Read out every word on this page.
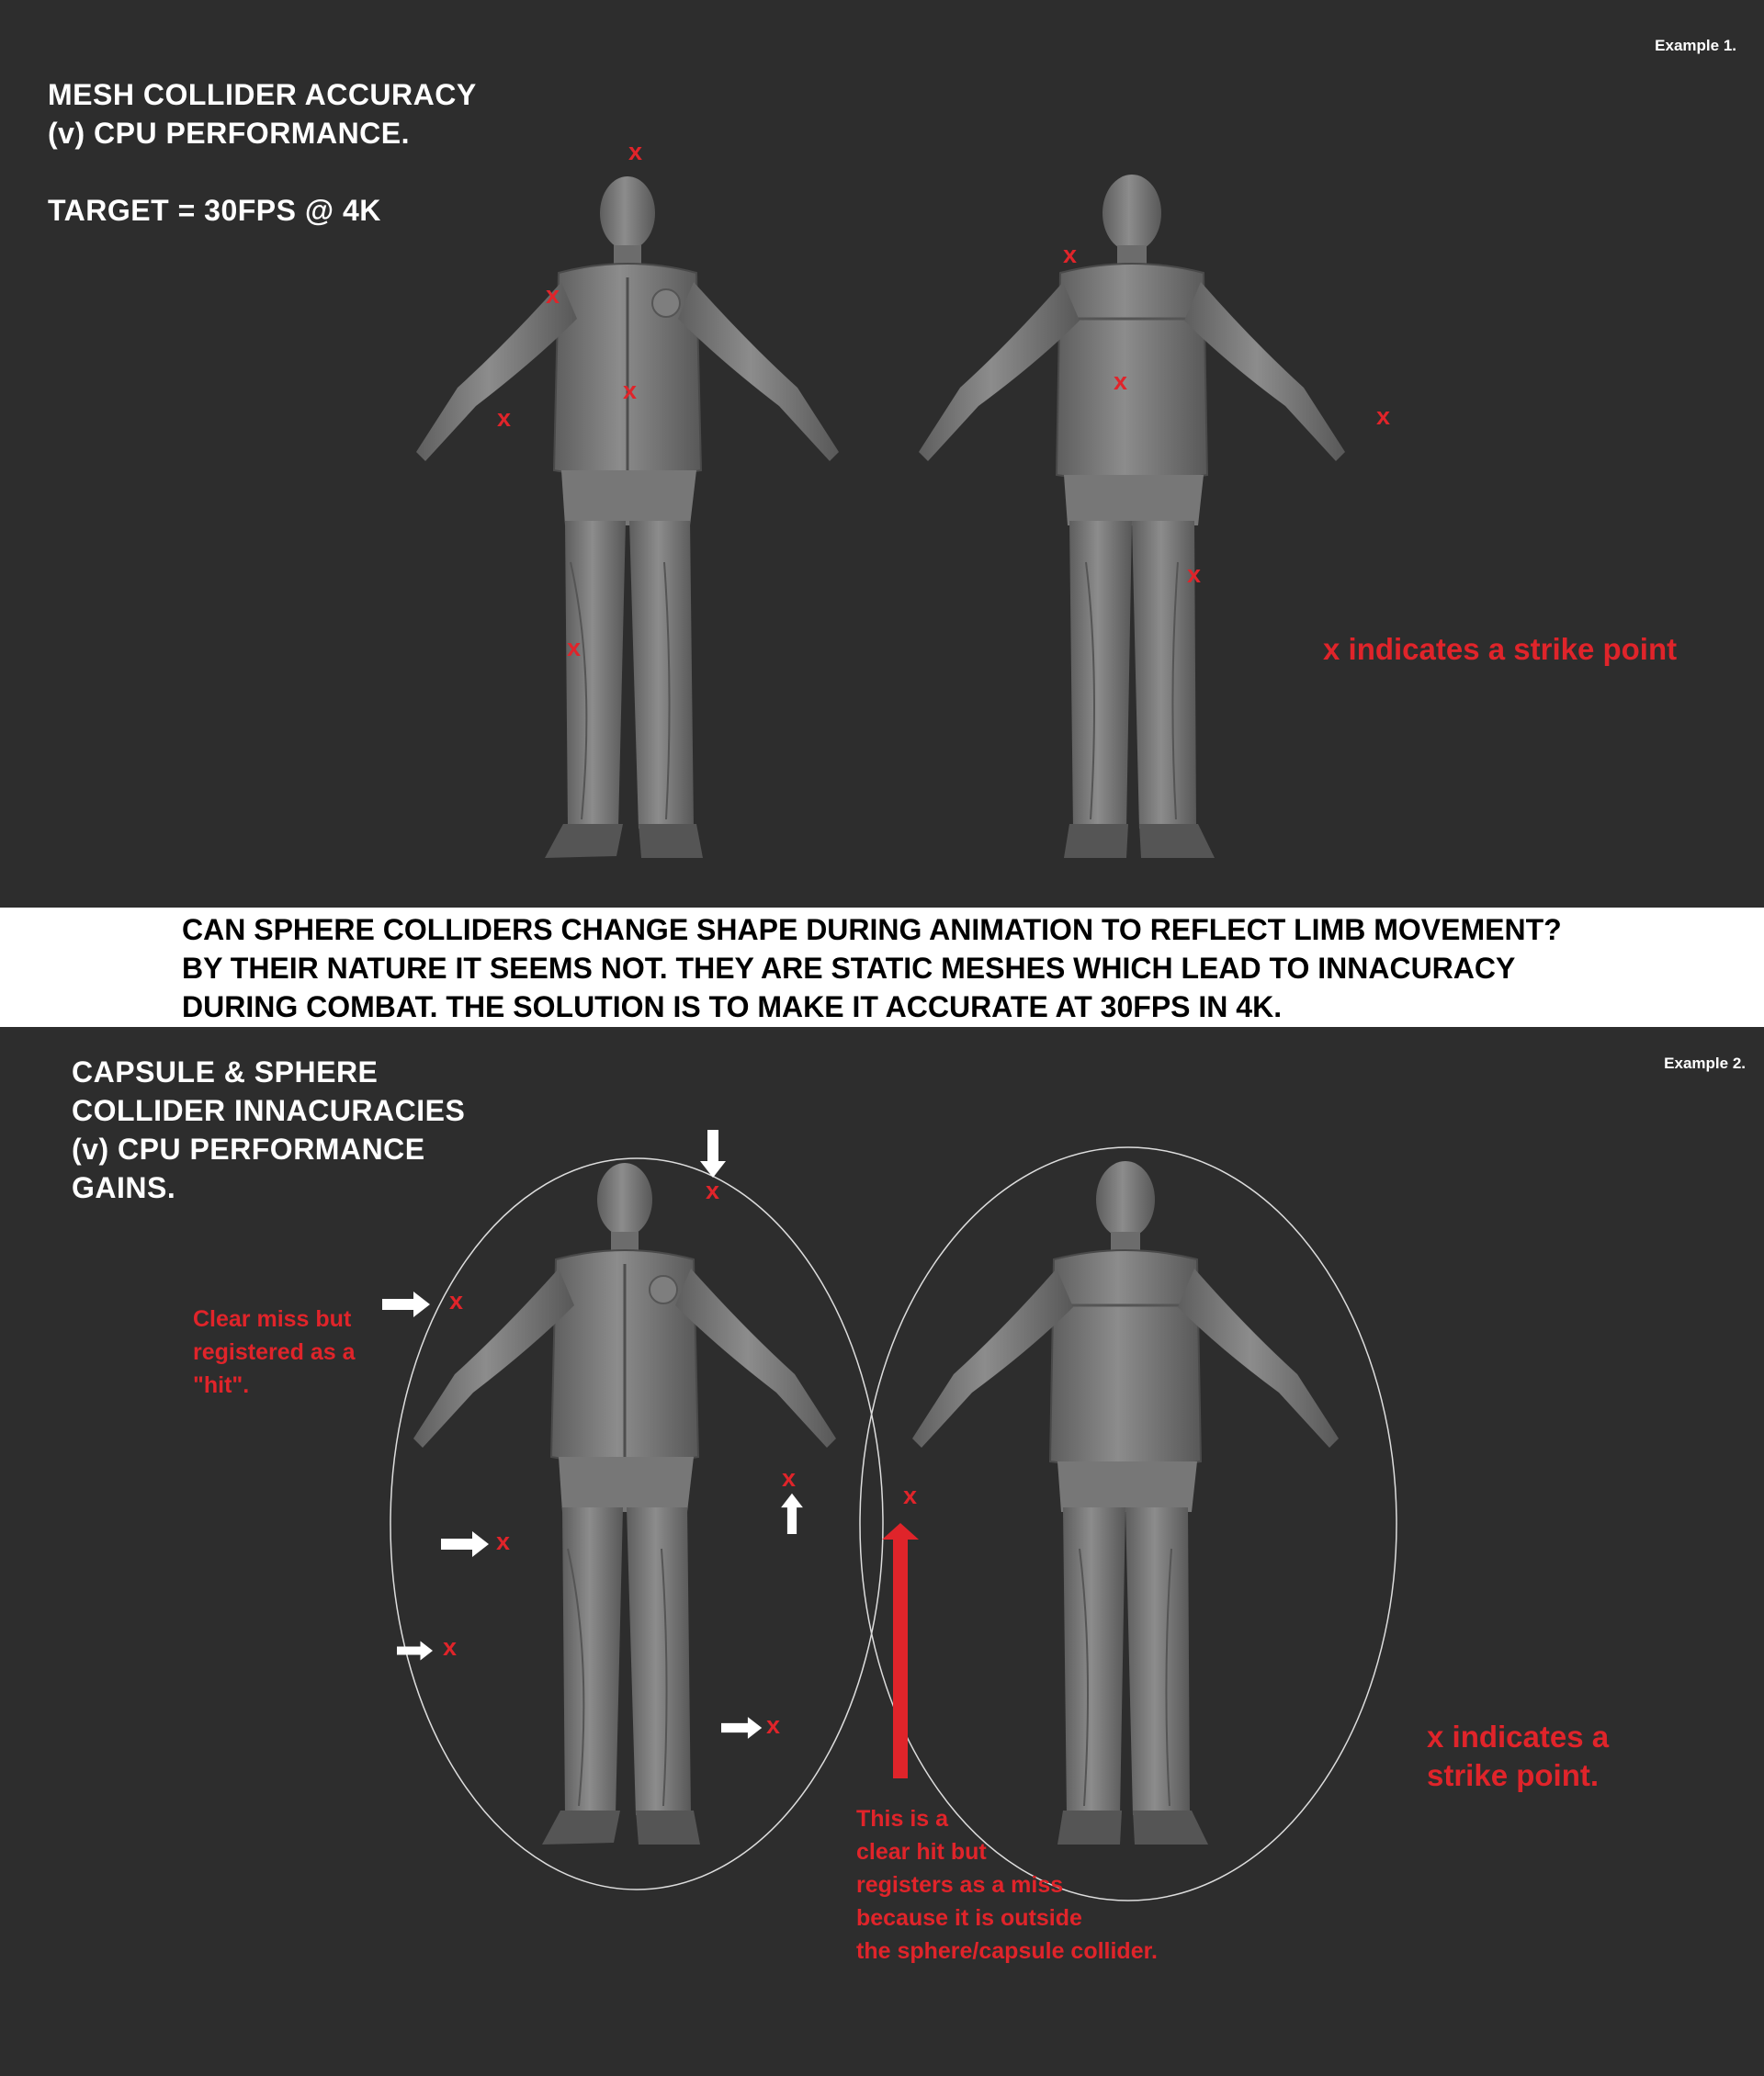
Example 1.
MESH COLLIDER ACCURACY
(v) CPU PERFORMANCE.

TARGET = 30FPS @ 4K
x
x
x
x
x
x
x
x
x
x indicates a strike point
CAN SPHERE COLLIDERS CHANGE SHAPE DURING ANIMATION TO REFLECT LIMB MOVEMENT?
BY THEIR NATURE IT SEEMS NOT. THEY ARE STATIC MESHES WHICH LEAD TO INNACURACY
DURING COMBAT. THE SOLUTION IS TO MAKE IT ACCURATE AT 30FPS IN 4K.
Example 2.
CAPSULE & SPHERE
COLLIDER INNACURACIES
(v) CPU PERFORMANCE
GAINS.	x
x
x
x
x
x
x
Clear miss but
registered as a
"hit".
This is a
clear hit but
registers as a miss
because it is outside
the sphere/capsule collider.
x indicates a
strike point.
